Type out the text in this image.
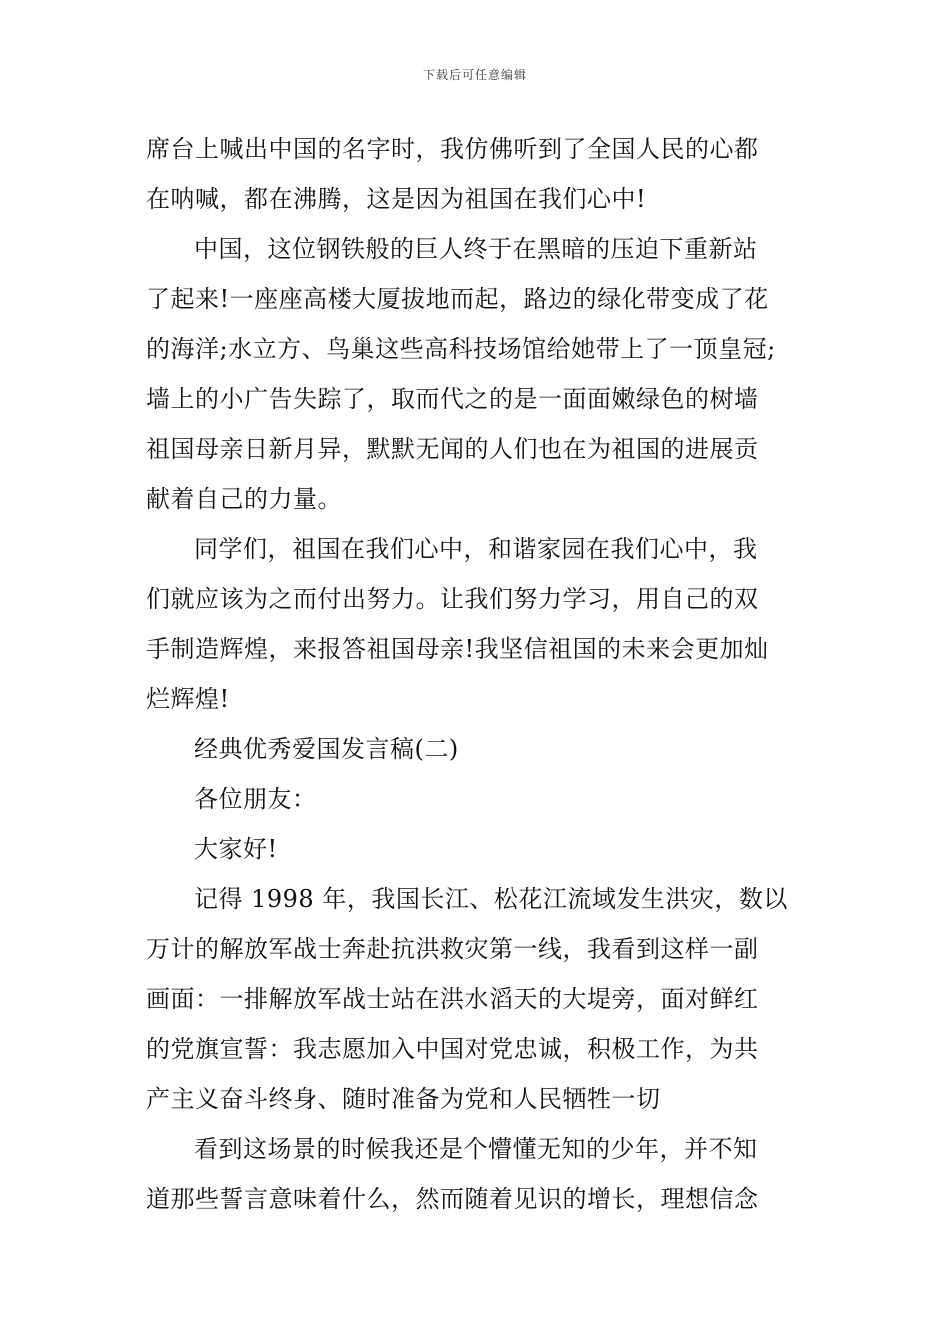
下载后可任意编辑
席台上喊出中国的名字时，我仿佛听到了全国人民的心都
在呐喊，都在沸腾，这是因为祖国在我们心中!
中国，这位钢铁般的巨人终于在黑暗的压迫下重新站
了起来!一座座高楼大厦拔地而起，路边的绿化带变成了花
的海洋;水立方、鸟巢这些高科技场馆给她带上了一顶皇冠;
墙上的小广告失踪了，取而代之的是一面面嫩绿色的树墙
祖国母亲日新月异，默默无闻的人们也在为祖国的进展贡
献着自己的力量。
同学们，祖国在我们心中，和谐家园在我们心中，我
们就应该为之而付出努力。让我们努力学习，用自己的双
手制造辉煌，来报答祖国母亲!我坚信祖国的未来会更加灿
烂辉煌!
经典优秀爱国发言稿(二)
各位朋友：
大家好!
记得 1998 年，我国长江、松花江流域发生洪灾，数以
万计的解放军战士奔赴抗洪救灾第一线，我看到这样一副
画面：一排解放军战士站在洪水滔天的大堤旁，面对鲜红
的党旗宣誓：我志愿加入中国对党忠诚，积极工作，为共
产主义奋斗终身、随时准备为党和人民牺牲一切
看到这场景的时候我还是个懵懂无知的少年，并不知
道那些誓言意味着什么，然而随着见识的增长，理想信念
